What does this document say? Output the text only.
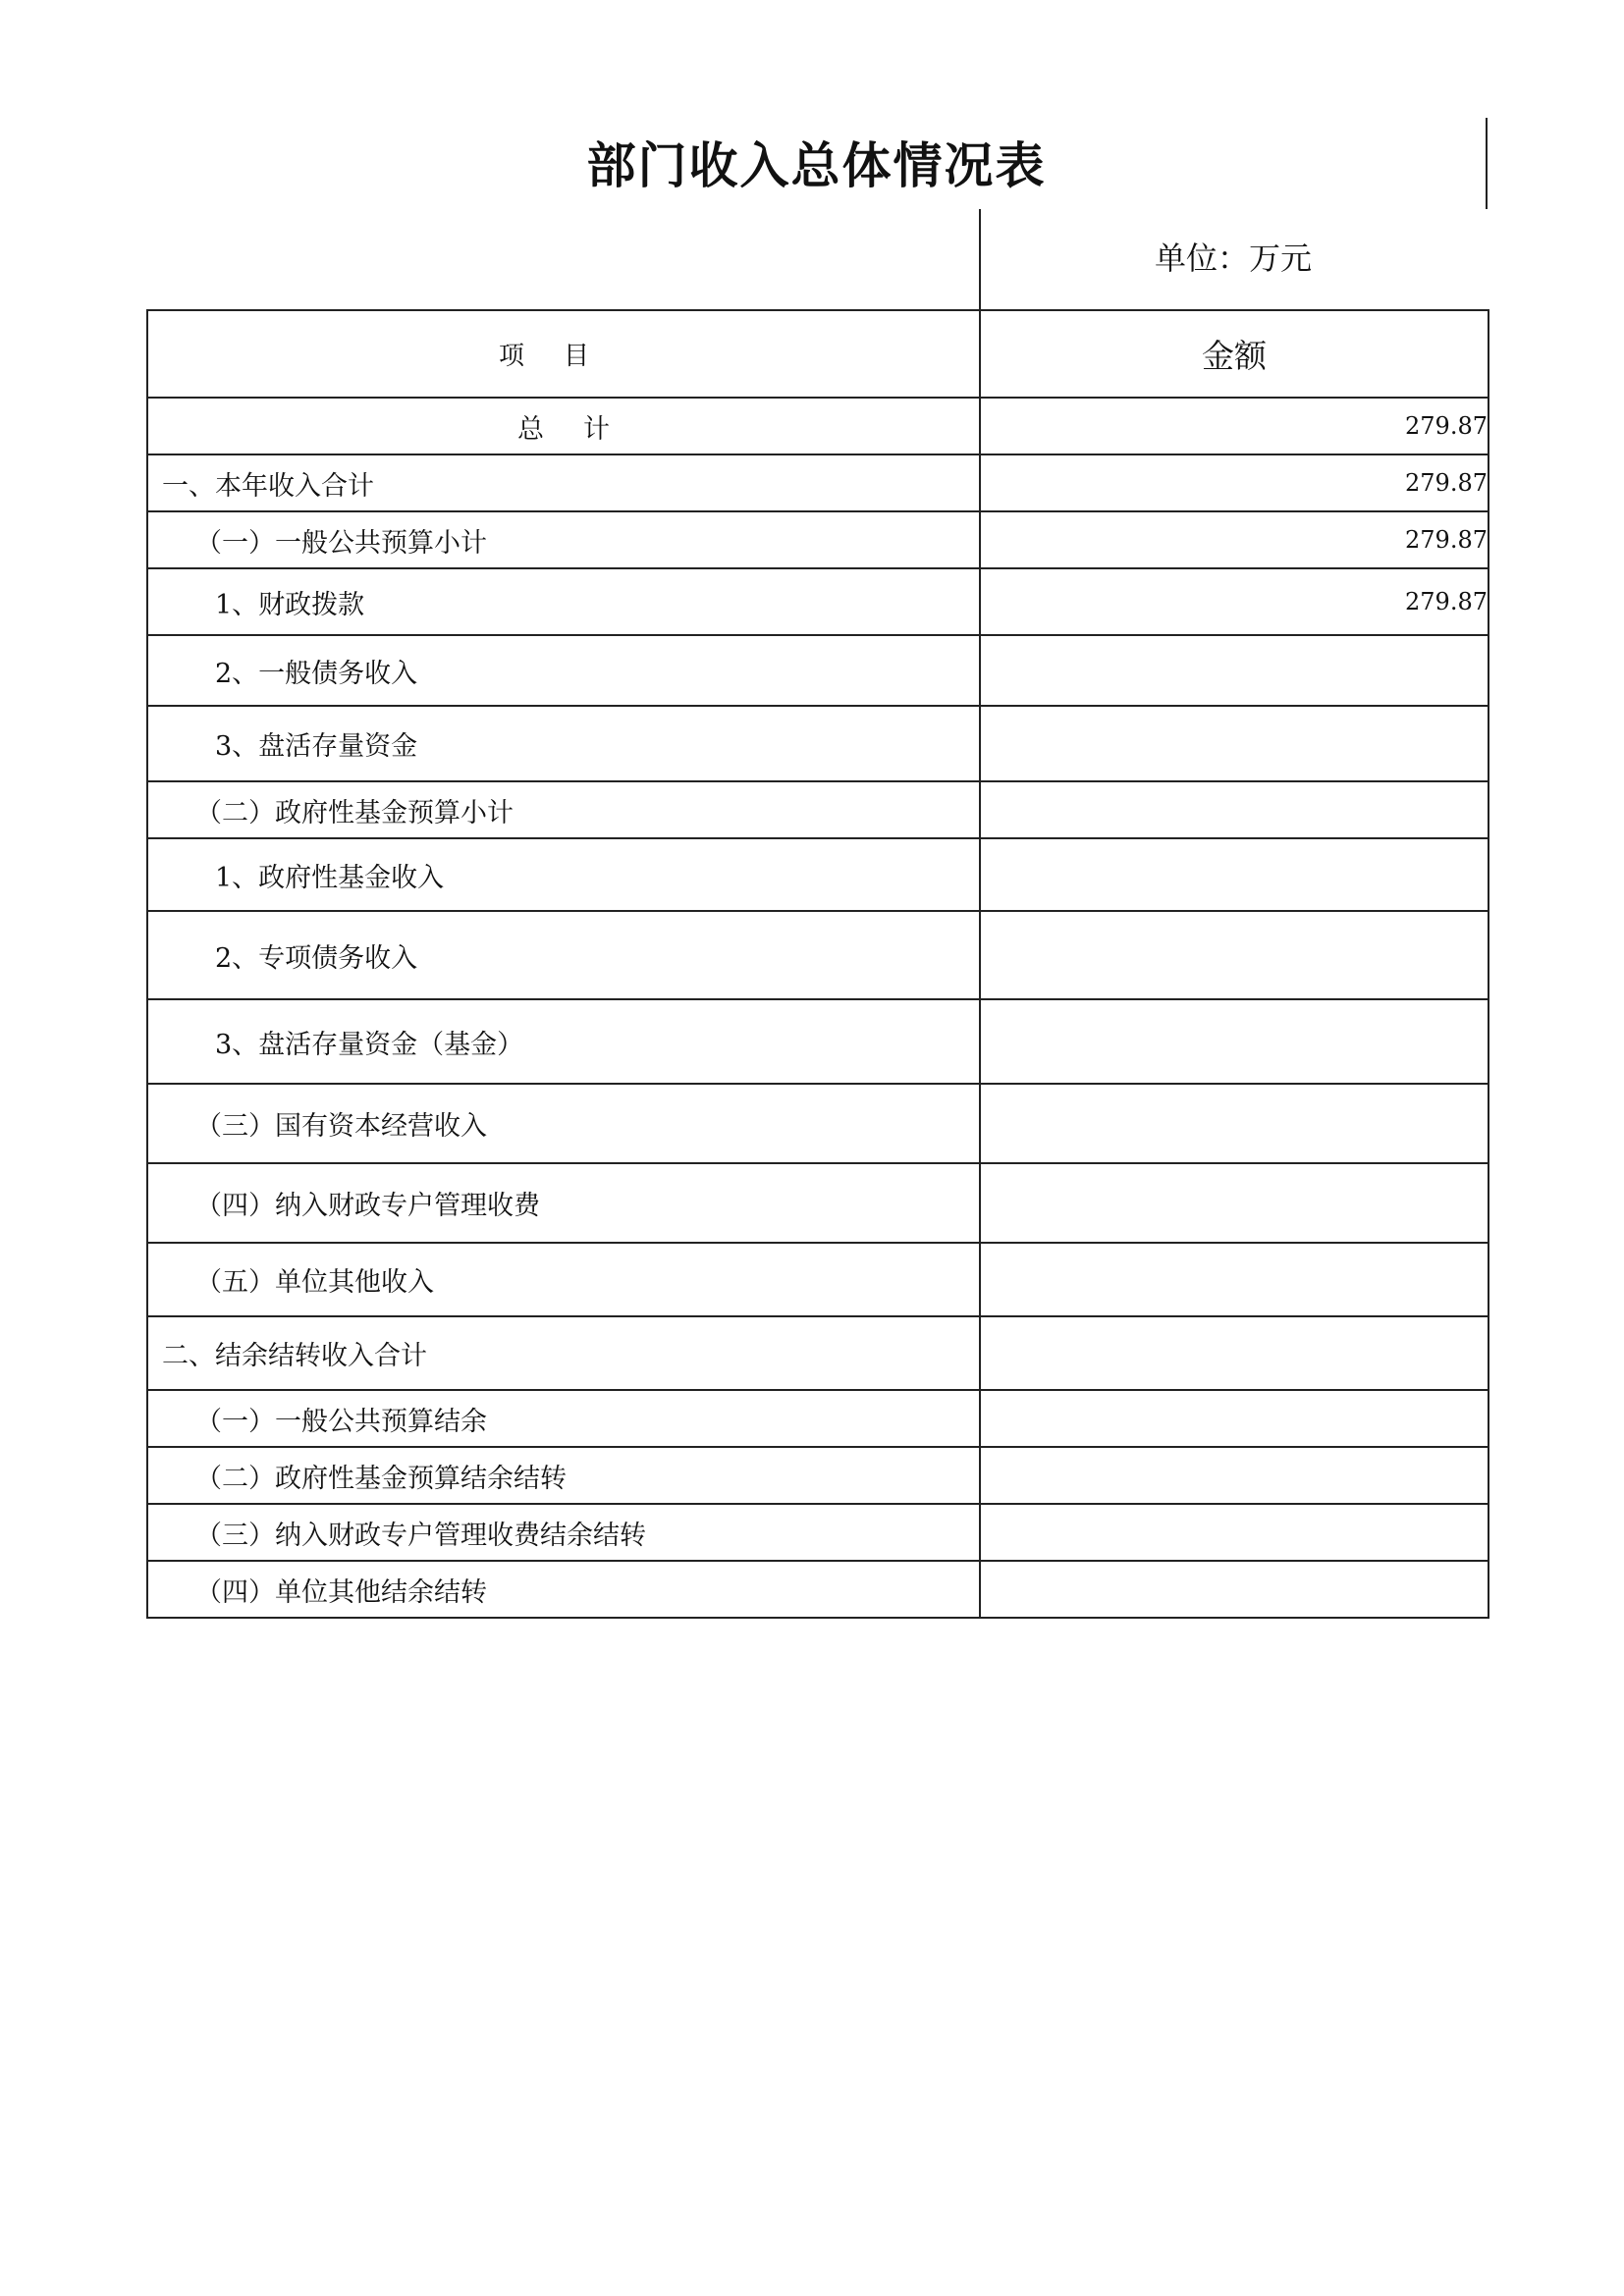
部门收入总体情况表
单位：万元
项目	金额
总计	279.87
一、本年收入合计	279.87
（一）一般公共预算小计	279.87
1、财政拨款	279.87
2、一般债务收入	
3、盘活存量资金	
（二）政府性基金预算小计	
1、政府性基金收入	
2、专项债务收入	
3、盘活存量资金（基金）	
（三）国有资本经营收入	
（四）纳入财政专户管理收费	
（五）单位其他收入	
二、结余结转收入合计	
（一）一般公共预算结余	
（二）政府性基金预算结余结转	
（三）纳入财政专户管理收费结余结转	
（四）单位其他结余结转	
